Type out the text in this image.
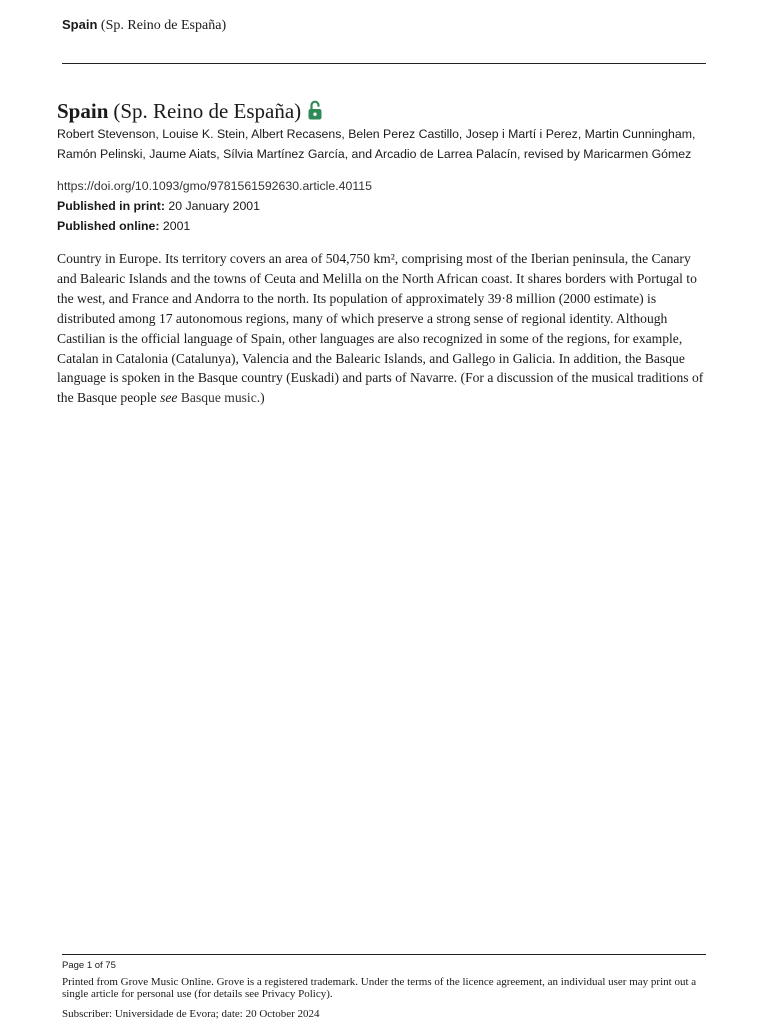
Spain (Sp. Reino de España)
Spain (Sp. Reino de España)
Robert Stevenson, Louise K. Stein, Albert Recasens, Belen Perez Castillo, Josep i Martí i Perez, Martin Cunningham,
Ramón Pelinski, Jaume Aiats, Sílvia Martínez García, and Arcadio de Larrea Palacín, revised by Maricarmen Gómez
https://doi.org/10.1093/gmo/9781561592630.article.40115
Published in print: 20 January 2001
Published online: 2001
Country in Europe. Its territory covers an area of 504,750 km², comprising most of the Iberian peninsula, the Canary and Balearic Islands and the towns of Ceuta and Melilla on the North African coast. It shares borders with Portugal to the west, and France and Andorra to the north. Its population of approximately 39·8 million (2000 estimate) is distributed among 17 autonomous regions, many of which preserve a strong sense of regional identity. Although Castilian is the official language of Spain, other languages are also recognized in some of the regions, for example, Catalan in Catalonia (Catalunya), Valencia and the Balearic Islands, and Gallego in Galicia. In addition, the Basque language is spoken in the Basque country (Euskadi) and parts of Navarre. (For a discussion of the musical traditions of the Basque people see Basque music.)
Page 1 of 75
Printed from Grove Music Online. Grove is a registered trademark. Under the terms of the licence agreement, an individual user may print out a single article for personal use (for details see Privacy Policy).
Subscriber: Universidade de Evora; date: 20 October 2024
